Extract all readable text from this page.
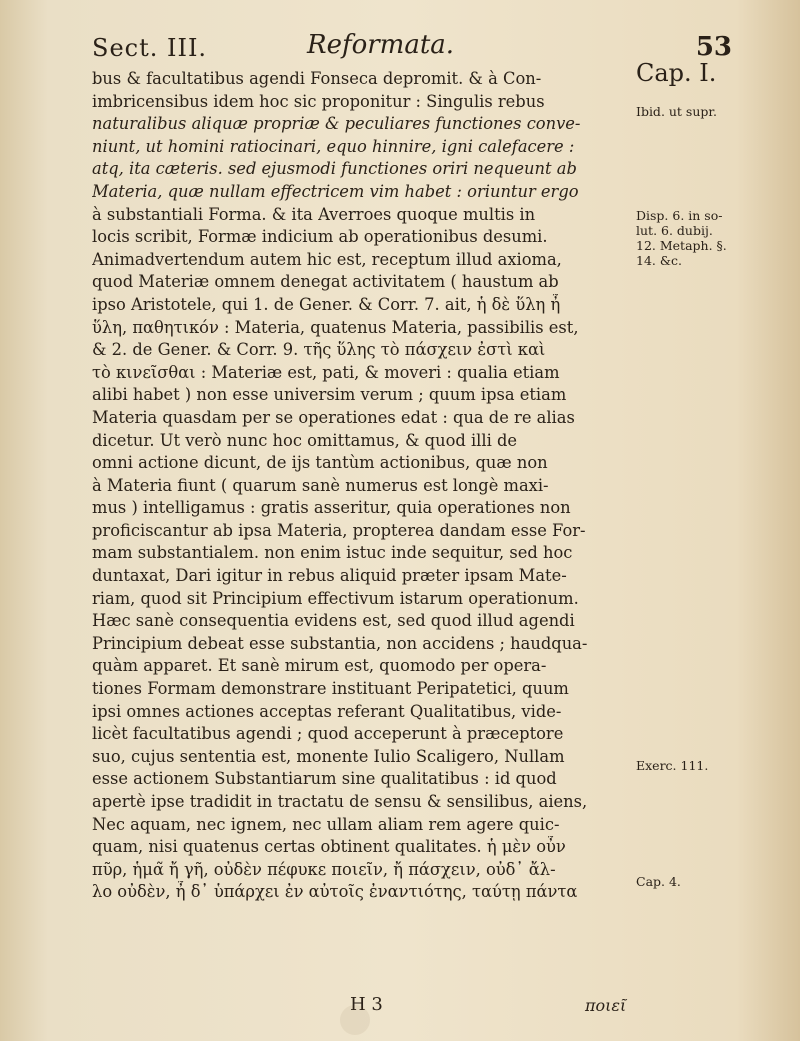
Sect. III.	Reformata.	53
bus & facultatibus agendi Fonseca depromit. & à Con-
imbricensibus idem hoc sic proponitur : Singulis rebus
naturalibus aliquæ propriæ & peculiares functiones conve-
niunt, ut homini ratiocinari, equo hinnire, igni calefacere :
atq, ita cæteris. sed ejusmodi functiones oriri nequeunt ab
Materia, quæ nullam effectricem vim habet : oriuntur ergo
à substantiali Forma. & ita Averroes quoque multis in
locis scribit, Formæ indicium ab operationibus desumi.
Animadvertendum autem hic est, receptum illud axioma,
quod Materiæ omnem denegat activitatem ( haustum ab
ipso Aristotele, qui 1. de Gener. & Corr. 7. ait, ἡ δὲ ὕλη ἦ
ὕλη, παθητικόν : Materia, quatenus Materia, passibilis est,
& 2. de Gener. & Corr. 9. τῆς ὕλης τὸ πάσχειν ἐστὶ καὶ
τὸ κινεῖσθαι : Materiæ est, pati, & moveri : qualia etiam
alibi habet ) non esse universim verum ; quum ipsa etiam
Materia quasdam per se operationes edat : qua de re alias
dicetur. Ut verò nunc hoc omittamus, & quod illi de
omni actione dicunt, de ijs tantùm actionibus, quæ non
à Materia fiunt ( quarum sanè numerus est longè maxi-
mus ) intelligamus : gratis asseritur, quia operationes non
proficiscantur ab ipsa Materia, propterea dandam esse For-
mam substantialem. non enim istuc inde sequitur, sed hoc
duntaxat, Dari igitur in rebus aliquid præter ipsam Mate-
riam, quod sit Principium effectivum istarum operationum.
Hæc sanè consequentia evidens est, sed quod illud agendi
Principium debeat esse substantia, non accidens ; haudqua-
quàm apparet. Et sanè mirum est, quomodo per opera-
tiones Formam demonstrare instituant Peripatetici, quum
ipsi omnes actiones acceptas referant Qualitatibus, vide-
licèt facultatibus agendi ; quod acceperunt à præceptore
suo, cujus sententia est, monente Iulio Scaligero, Nullam
esse actionem Substantiarum sine qualitatibus : id quod
apertè ipse tradidit in tractatu de sensu & sensilibus, aiens,
Nec aquam, nec ignem, nec ullam aliam rem agere quic-
quam, nisi quatenus certas obtinent qualitates. ἡ μὲν οὖν
πῦρ, ἡμα̃ ἤ γῆ, οὐδὲν πέφυκε ποιεῖν, ἤ πάσχειν, οὐδ᾿ ἄλ-
λο οὐδὲν, ἦ δ᾿ ὑπάρχει ἐν αὐτοῖς ἐναντιότης, ταύτῃ πάντα
Cap. I.
Ibid. ut supr.
Disp. 6. in so-
lut. 6. dubij.
12. Metaph. §.
14. &c.
Exerc. 111.
Cap. 4.
H 3	ποιεῖ
